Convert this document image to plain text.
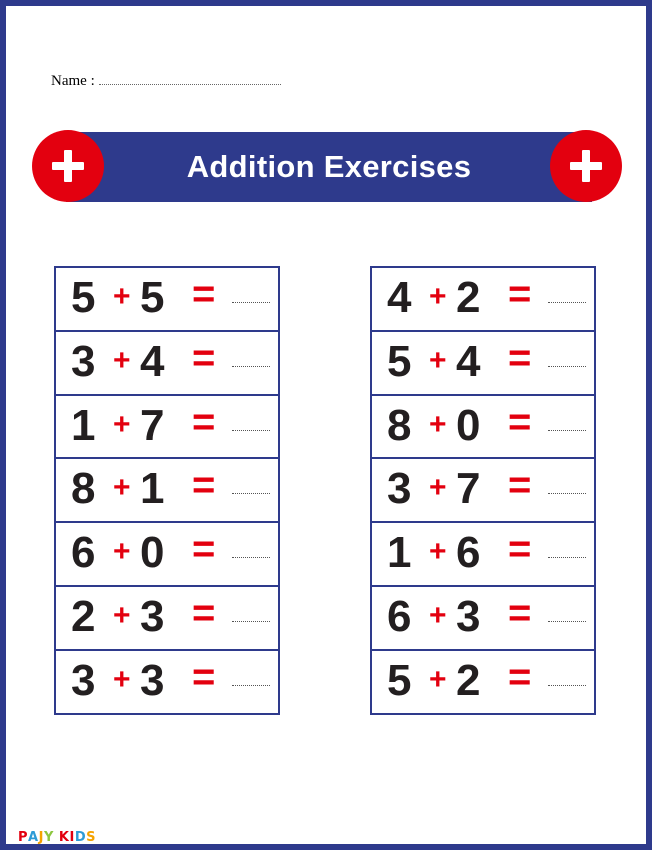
Name :
Addition Exercises
5 + 5 =
3 + 4 =
1 + 7 =
8 + 1 =
6 + 0 =
2 + 3 =
3 + 3 =
4 + 2 =
5 + 4 =
8 + 0 =
3 + 7 =
1 + 6 =
6 + 3 =
5 + 2 =
PAJY KIDS
